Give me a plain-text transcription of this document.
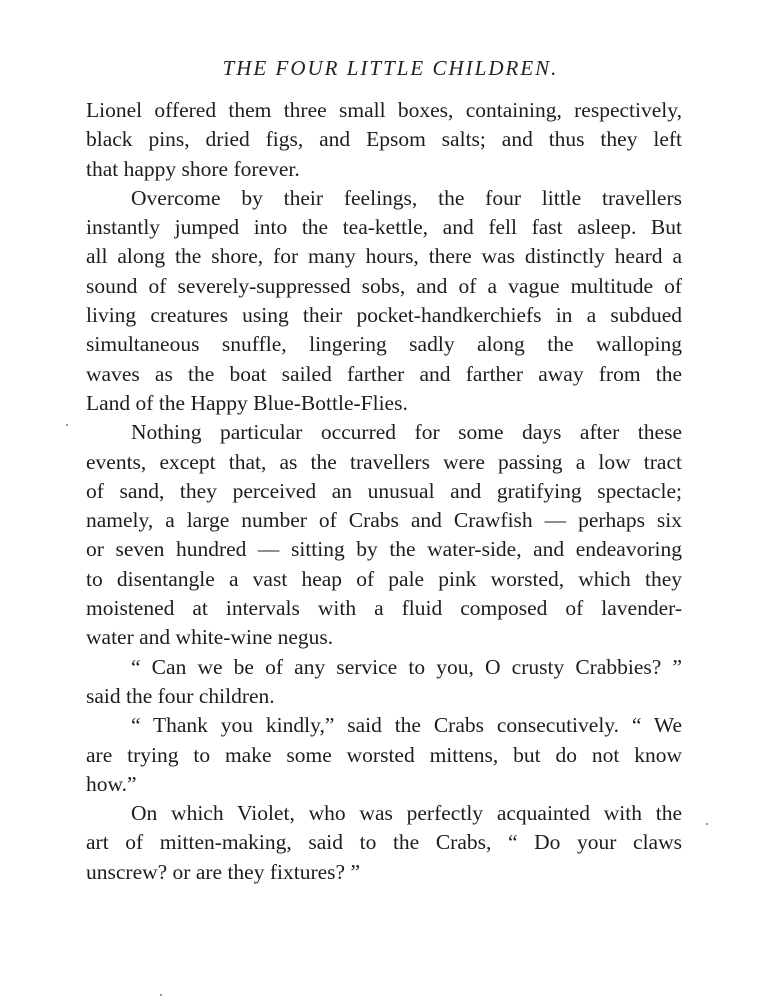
THE FOUR LITTLE CHILDREN.
Lionel offered them three small boxes, containing, respectively,
black pins, dried figs, and Epsom salts; and thus they left
that happy shore forever.
Overcome by their feelings, the four little travellers
instantly jumped into the tea-kettle, and fell fast asleep. But
all along the shore, for many hours, there was distinctly heard a
sound of severely-suppressed sobs, and of a vague multitude of
living creatures using their pocket-handkerchiefs in a subdued
simultaneous snuffle, lingering sadly along the walloping
waves as the boat sailed farther and farther away from the
Land of the Happy Blue-Bottle-Flies.
Nothing particular occurred for some days after these
events, except that, as the travellers were passing a low tract
of sand, they perceived an unusual and gratifying spectacle;
namely, a large number of Crabs and Crawfish — perhaps six
or seven hundred — sitting by the water-side, and endeavoring
to disentangle a vast heap of pale pink worsted, which they
moistened at intervals with a fluid composed of lavender-
water and white-wine negus.
“ Can we be of any service to you, O crusty Crabbies? ”
said the four children.
“ Thank you kindly,” said the Crabs consecutively. “ We
are trying to make some worsted mittens, but do not know
how.”
On which Violet, who was perfectly acquainted with the
art of mitten-making, said to the Crabs, “ Do your claws
unscrew? or are they fixtures? ”
